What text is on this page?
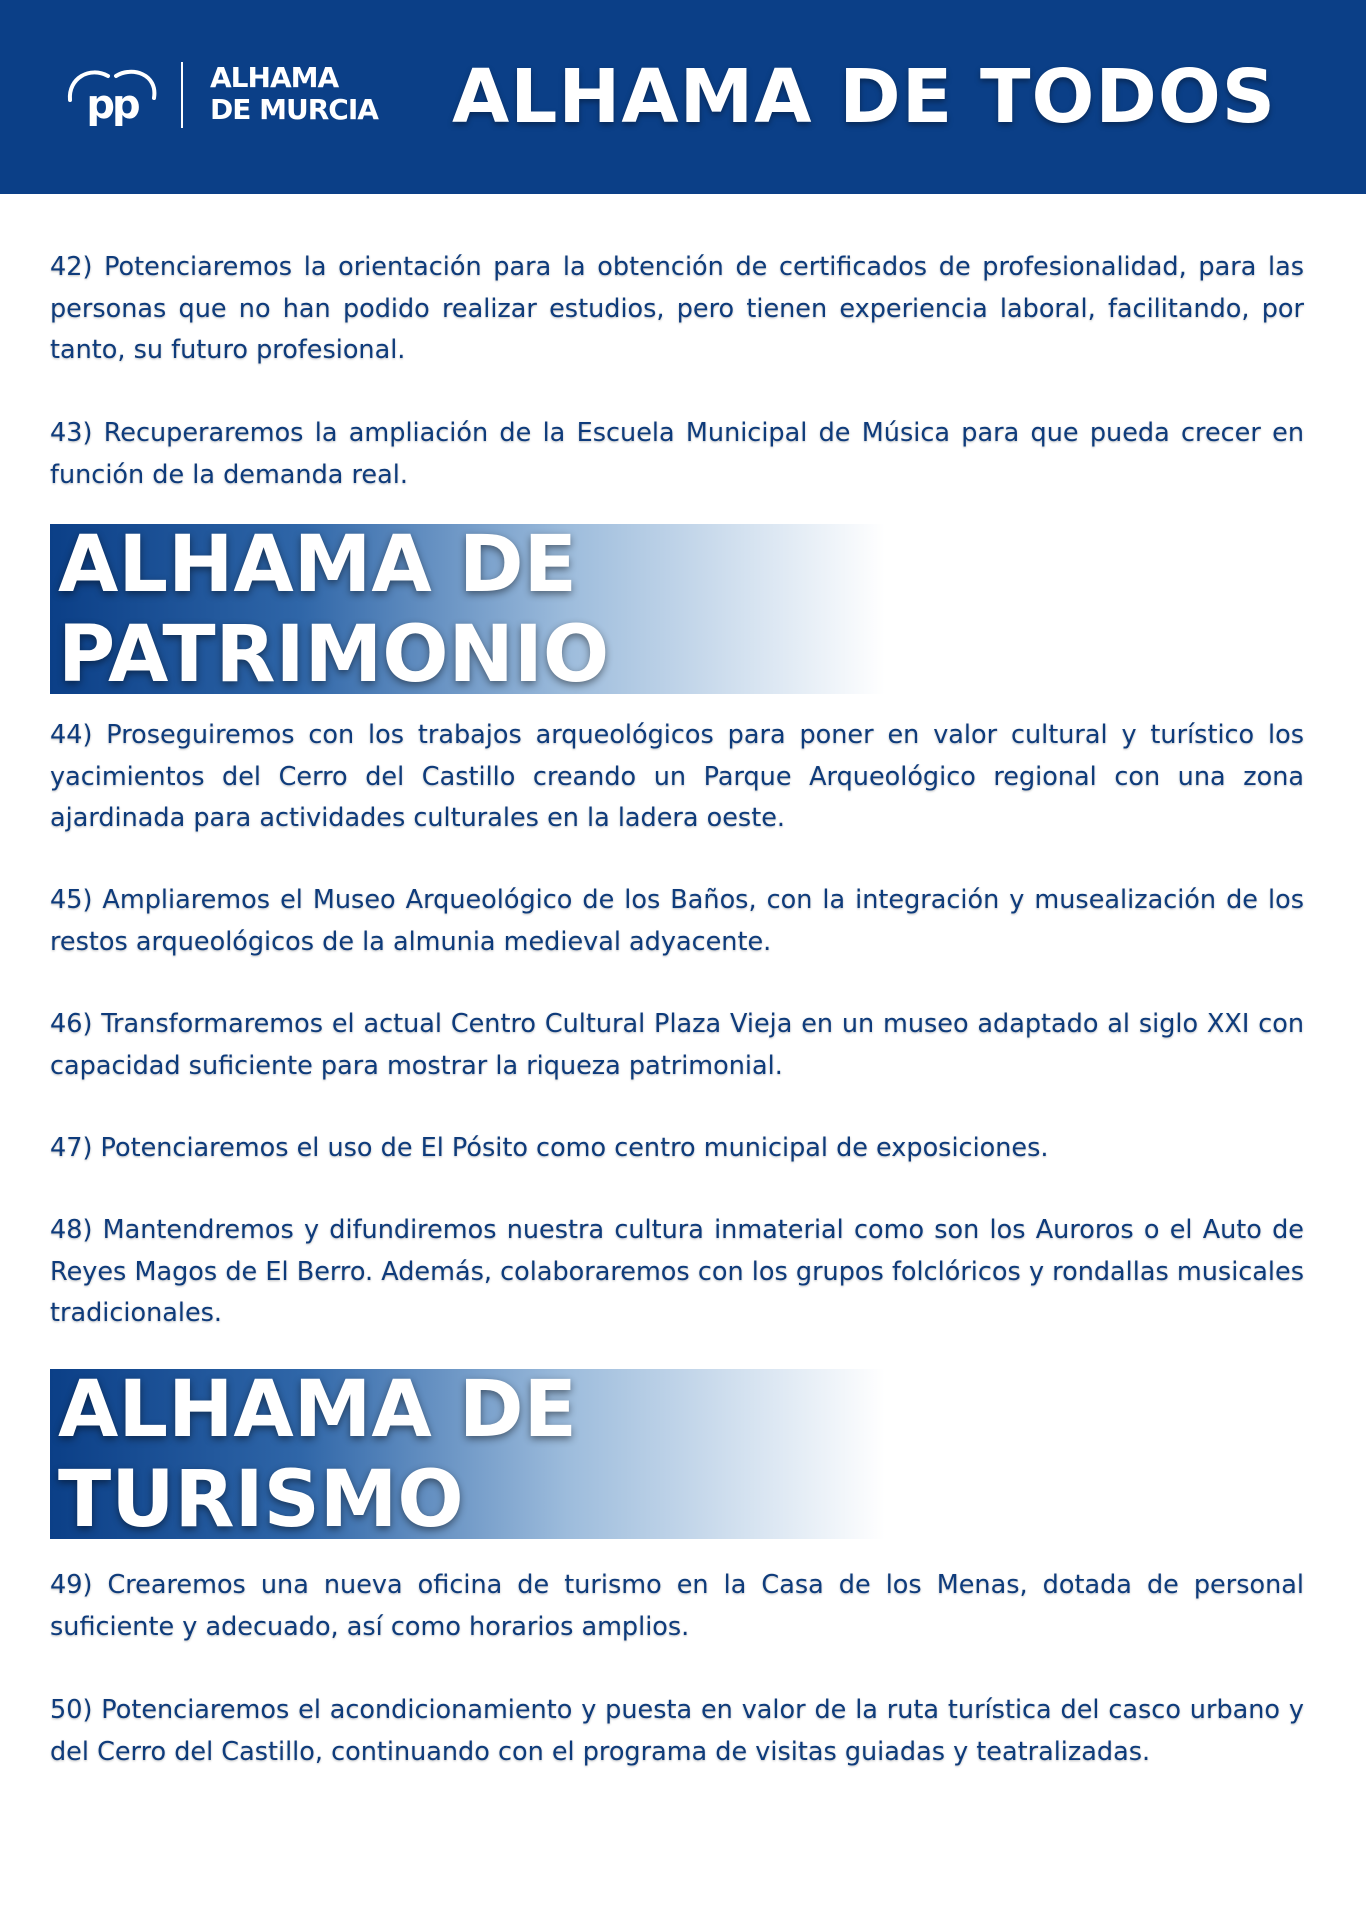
pp
ALHAMA
DE MURCIA ALHAMA DE TODOS

42) Potenciaremos la orientación para la obtención de certificados de profesionalidad, para las personas que no han podido realizar estudios, pero tienen experiencia laboral, facilitando, por tanto, su futuro profesional.

43) Recuperaremos la ampliación de la Escuela Municipal de Música para que pueda crecer en función de la demanda real.

ALHAMA DE
PATRIMONIO

44) Proseguiremos con los trabajos arqueológicos para poner en valor cultural y turístico los yacimientos del Cerro del Castillo creando un Parque Arqueológico regional con una zona ajardinada para actividades culturales en la ladera oeste.

45) Ampliaremos el Museo Arqueológico de los Baños, con la integración y musealización de los restos arqueológicos de la almunia medieval adyacente.

46) Transformaremos el actual Centro Cultural Plaza Vieja en un museo adaptado al siglo XXI con capacidad suficiente para mostrar la riqueza patrimonial.

47) Potenciaremos el uso de El Pósito como centro municipal de exposiciones.

48) Mantendremos y difundiremos nuestra cultura inmaterial como son los Auroros o el Auto de Reyes Magos de El Berro. Además, colaboraremos con los grupos folclóricos y rondallas musicales tradicionales.

ALHAMA DE
TURISMO

49) Crearemos una nueva oficina de turismo en la Casa de los Menas, dotada de personal suficiente y adecuado, así como horarios amplios.

50) Potenciaremos el acondicionamiento y puesta en valor de la ruta turística del casco urbano y del Cerro del Castillo, continuando con el programa de visitas guiadas y teatralizadas.
